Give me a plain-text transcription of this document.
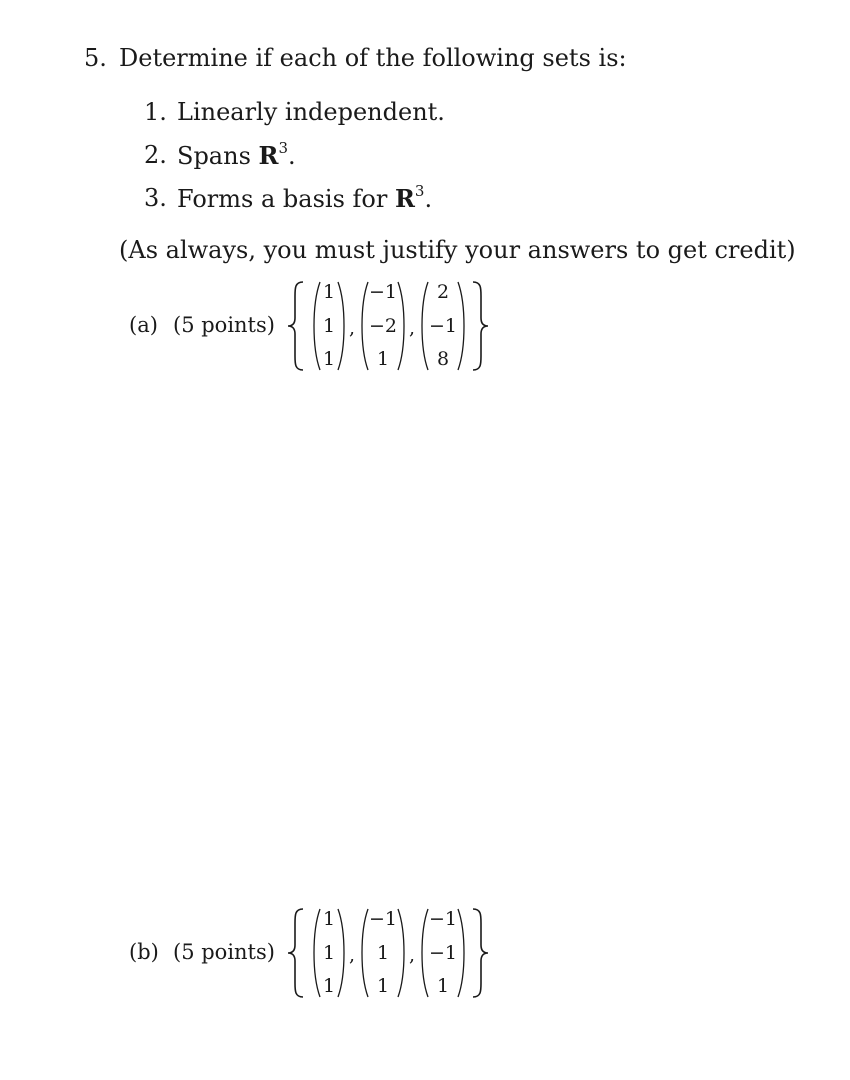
5. Determine if each of the following sets is:
1. Linearly independent.
2. Spans $R^3$.
3. Forms a basis for $R^3$.
(As always, you must justify your answers to get credit)
(a) (5 points)
1
1
1
,
−1
−2
1
,
2
−1
8
(b) (5 points)
1
1
1
,
−1
1
1
,
−1
−1
1
